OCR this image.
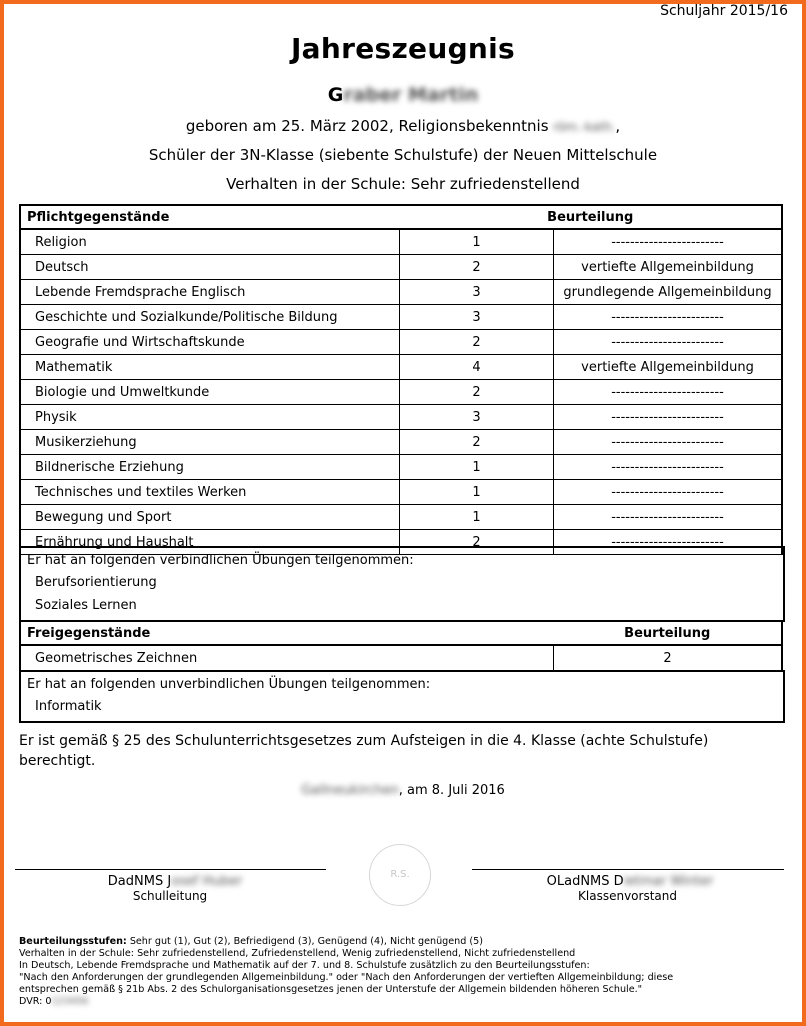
Schuljahr 2015/16
Jahreszeugnis
Graber Martin
geboren am 25. März 2002, Religionsbekenntnis röm.-kath.,
Schüler der 3N-Klasse (siebente Schulstufe) der Neuen Mittelschule
Verhalten in der Schule: Sehr zufriedenstellend
Pflichtgegenstände	Beurteilung	
Religion	1	------------------------
Deutsch	2	vertiefte Allgemeinbildung
Lebende Fremdsprache Englisch	3	grundlegende Allgemeinbildung
Geschichte und Sozialkunde/Politische Bildung	3	------------------------
Geografie und Wirtschaftskunde	2	------------------------
Mathematik	4	vertiefte Allgemeinbildung
Biologie und Umweltkunde	2	------------------------
Physik	3	------------------------
Musikerziehung	2	------------------------
Bildnerische Erziehung	1	------------------------
Technisches und textiles Werken	1	------------------------
Bewegung und Sport	1	------------------------
Ernährung und Haushalt	2	------------------------
Er hat an folgenden verbindlichen Übungen teilgenommen:
Berufsorientierung
Soziales Lernen
Freigegenstände	Beurteilung
Geometrisches Zeichnen	2
Er hat an folgenden unverbindlichen Übungen teilgenommen:
Informatik
Er ist gemäß § 25 des Schulunterrichtsgesetzes zum Aufsteigen in die 4. Klasse (achte Schulstufe) berechtigt.
Gallneukirchen, am 8. Juli 2016
R.S.
DadNMS Josef Huber
Schulleitung
OLadNMS Dietmar Winter
Klassenvorstand
Beurteilungsstufen: Sehr gut (1), Gut (2), Befriedigend (3), Genügend (4), Nicht genügend (5)
Verhalten in der Schule: Sehr zufriedenstellend, Zufriedenstellend, Wenig zufriedenstellend, Nicht zufriedenstellend
In Deutsch, Lebende Fremdsprache und Mathematik auf der 7. und 8. Schulstufe zusätzlich zu den Beurteilungsstufen:
"Nach den Anforderungen der grundlegenden Allgemeinbildung." oder "Nach den Anforderungen der vertieften Allgemeinbildung; diese
entsprechen gemäß § 21b Abs. 2 des Schulorganisationsgesetzes jenen der Unterstufe der Allgemein bildenden höheren Schule."
DVR: 0123456
